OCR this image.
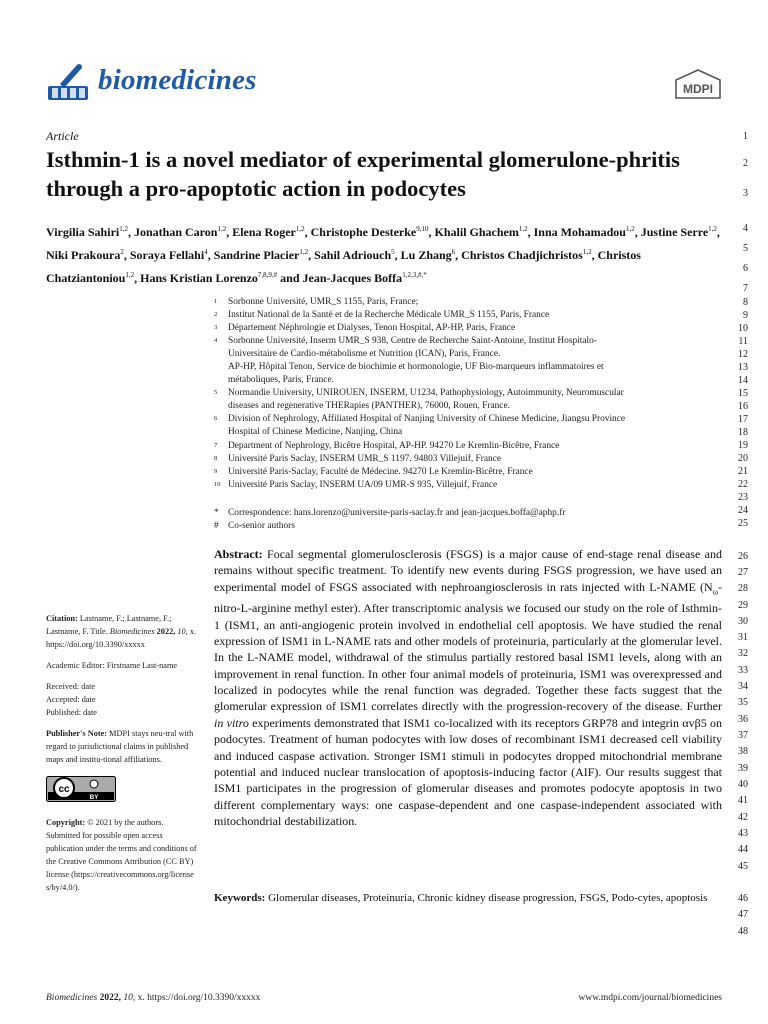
biomedicines	MDPI
1
2
3
4
5
6
7
8
9
10
11
12
13
14
15
16
17
18
19
20
21
22
23
24
25
26
27
28
29
30
31
32
33
34
35
36
37
38
39
40
41
42
43
44
45
46
47
48
Article
Isthmin-1 is a novel mediator of experimental glomerulone-phritis through a pro-apoptotic action in podocytes
Virgilia Sahiri$^{1,2}$, Jonathan Caron$^{1,2}$, Elena Roger$^{1,2}$, Christophe Desterke$^{9,10}$, Khalil Ghachem$^{1,2}$, Inna Mohamadou$^{1,2}$, Justine Serre$^{1,2}$, Niki Prakoura$^2$, Soraya Fellahi$^4$, Sandrine Placier$^{1,2}$, Sahil Adriouch$^5$, Lu Zhang$^6$, Christos Chadjichristos$^{1,2}$, Christos Chatziantoniou$^{1,2}$, Hans Kristian Lorenzo$^{7,8,9,\#}$ and Jean-Jacques Boffa$^{1,2,3,\#,*}$
1 Sorbonne Université, UMR_S 1155, Paris, France;
2 Institut National de la Santé et de la Recherche Médicale UMR_S 1155, Paris, France
3 Département Néphrologie et Dialyses, Tenon Hospital, AP-HP, Paris, France
4 Sorbonne Université, Inserm UMR_S 938, Centre de Recherche Saint-Antoine, Institut Hospitalo-
Universitaire de Cardio-métabolisme et Nutrition (ICAN), Paris, France.
AP-HP, Hôpital Tenon, Service de biochimie et hormonologie, UF Bio-marqueurs inflammatoires et
métaboliques, Paris, France.
5 Normandie University, UNIROUEN, INSERM, U1234, Pathophysiology, Autoimmunity, Neuromuscular
diseases and regenerative THERapies (PANTHER), 76000, Rouen, France.
6 Division of Nephrology, Affiliated Hospital of Nanjing University of Chinese Medicine, Jiangsu Province
Hospital of Chinese Medicine, Nanjing, China
7 Department of Nephrology, Bicêtre Hospital, AP-HP. 94270 Le Kremlin-Bicêtre, France
8 Université Paris Saclay, INSERM UMR_S 1197. 94803 Villejuif, France
9 Université Paris-Saclay, Faculté de Médecine. 94270 Le Kremlin-Bicêtre, France
10 Université Paris Saclay, INSERM UA/09 UMR-S 935, Villejuif, France
* Correspondence: hans.lorenzo@universite-paris-saclay.fr and jean-jacques.boffa@aphp.fr
# Co-senior authors

Abstract: Focal segmental glomerulosclerosis (FSGS) is a major cause of end-stage renal disease and remains without specific treatment. To identify new events during FSGS progression, we have used an experimental model of FSGS associated with nephroangiosclerosis in rats injected with L-NAME ($N_\omega-nitro-L$-arginine methyl ester). After transcriptomic analysis we focused our study on the role of Isthmin-1 (ISM1, an anti-angiogenic protein involved in endothelial cell apoptosis. We have studied the renal expression of ISM1 in L-NAME rats and other models of proteinuria, particularly at the glomerular level. In the L-NAME model, withdrawal of the stimulus partially restored basal ISM1 levels, along with an improvement in renal function. In other four animal models of proteinuria, ISM1 was overexpressed and localized in podocytes while the renal function was degraded. Together these facts suggest that the glomerular expression of ISM1 correlates directly with the progression-recovery of the disease. Further in vitro experiments demonstrated that ISM1 co-localized with its receptors GRP78 and integrin αvβ5 on podocytes. Treatment of human podocytes with low doses of recombinant ISM1 decreased cell viability and induced caspase activation. Stronger ISM1 stimuli in podocytes dropped mitochondrial membrane potential and induced nuclear translocation of apoptosis-inducing factor (AIF). Our results suggest that ISM1 participates in the progression of glomerular diseases and promotes podocyte apoptosis in two different complementary ways: one caspase-dependent and one caspase-independent associated with mitochondrial destabilization.

Keywords: Glomerular diseases, Proteinuria, Chronic kidney disease progression, FSGS, Podo-cytes, apoptosis

Citation: Lastname, F.; Lastname, F.; Lastname, F. Title. Biomedicines 2022, 10, x. https://doi.org/10.3390/xxxxx

Academic Editor: Firstname Last-name

Received: date

Accepted: date

Published: date

Publisher's Note: MDPI stays neu-tral with regard to jurisdictional claims in published maps and institu-tional affiliations.

cc
BY

Copyright: © 2021 by the authors. Submitted for possible open access publication under the terms and conditions of the Creative Commons Attribution (CC BY) license (https://creativecommons.org/license s/by/4.0/).

Biomedicines 2022, 10, x. https://doi.org/10.3390/xxxxx	www.mdpi.com/journal/biomedicines
